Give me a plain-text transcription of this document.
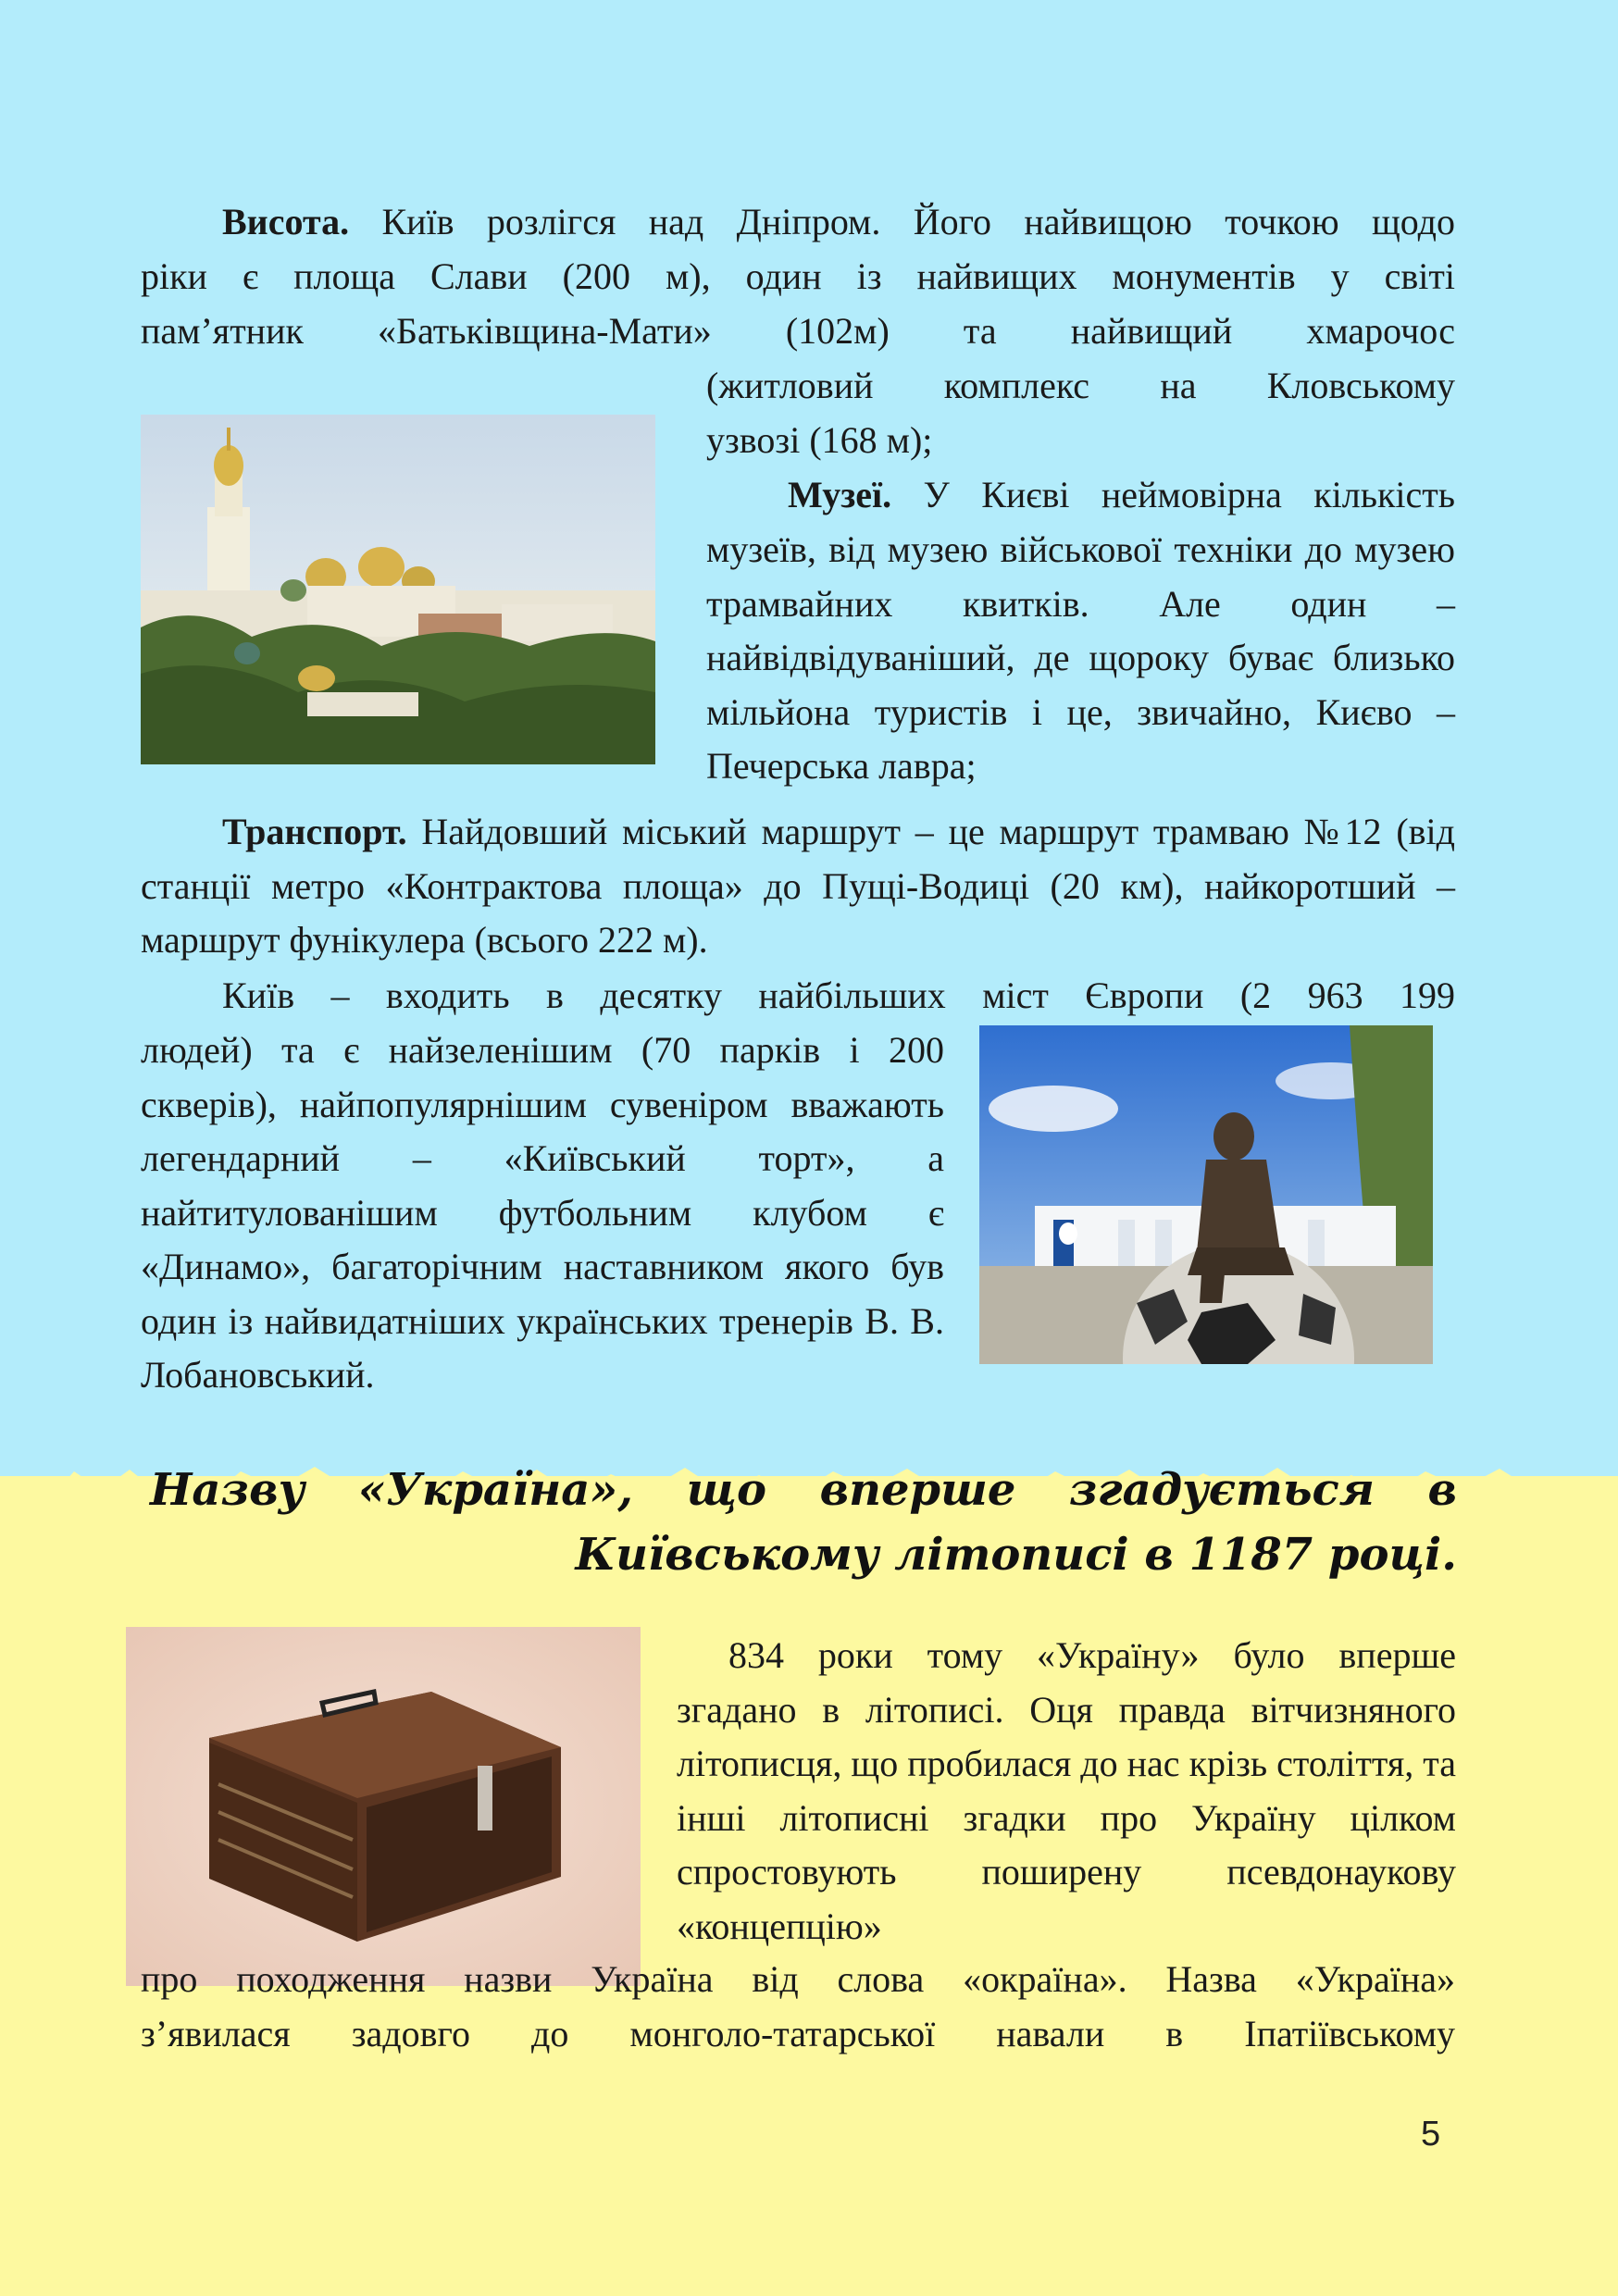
Висота. Київ розлігся над Дніпром. Його найвищою точкою щодо

ріки є площа Слави (200 м), один із найвищих монументів у світі

пам’ятник «Батьківщина-Мати» (102м) та найвищий хмарочос

(житловий комплекс на Кловському

узвозі (168 м);

Музеї. У Києві неймовірна кількість

музеїв, від музею військової техніки до музею трамвайних квитків. Але один – найвідвідуваніший, де щороку буває близько мільйона туристів і це, звичайно, Києво –Печерська лавра;

Транспорт. Найдовший міський маршрут – це маршрут трамваю №12 (від станції метро «Контрактова площа» до Пущі-Водиці (20 км), найкоротший – маршрут фунікулера (всього 222 м).

Київ – входить в десятку найбільших міст Європи (2 963 199

людей) та є найзеленішим (70 парків і 200 скверів), найпопулярнішим сувеніром вважають легендарний – «Київський торт», а найтитулованішим футбольним клубом є «Динамо», багаторічним наставником якого був один із найвидатніших українських тренерів В. В. Лобановський.

Назву «Україна», що вперше згадується в
Київському літописі в 1187 році.

834 роки тому «Україну» було вперше згадано в літописі. Оця правда вітчизняного літописця, що пробилася до нас крізь століття, та інші літописні згадки про Україну цілком спростовують поширену псевдонаукову «концепцію»

про походження назви Україна від слова «окраїна». Назва «Україна»

з’явилася задовго до монголо-татарської навали в Іпатіївському

5
